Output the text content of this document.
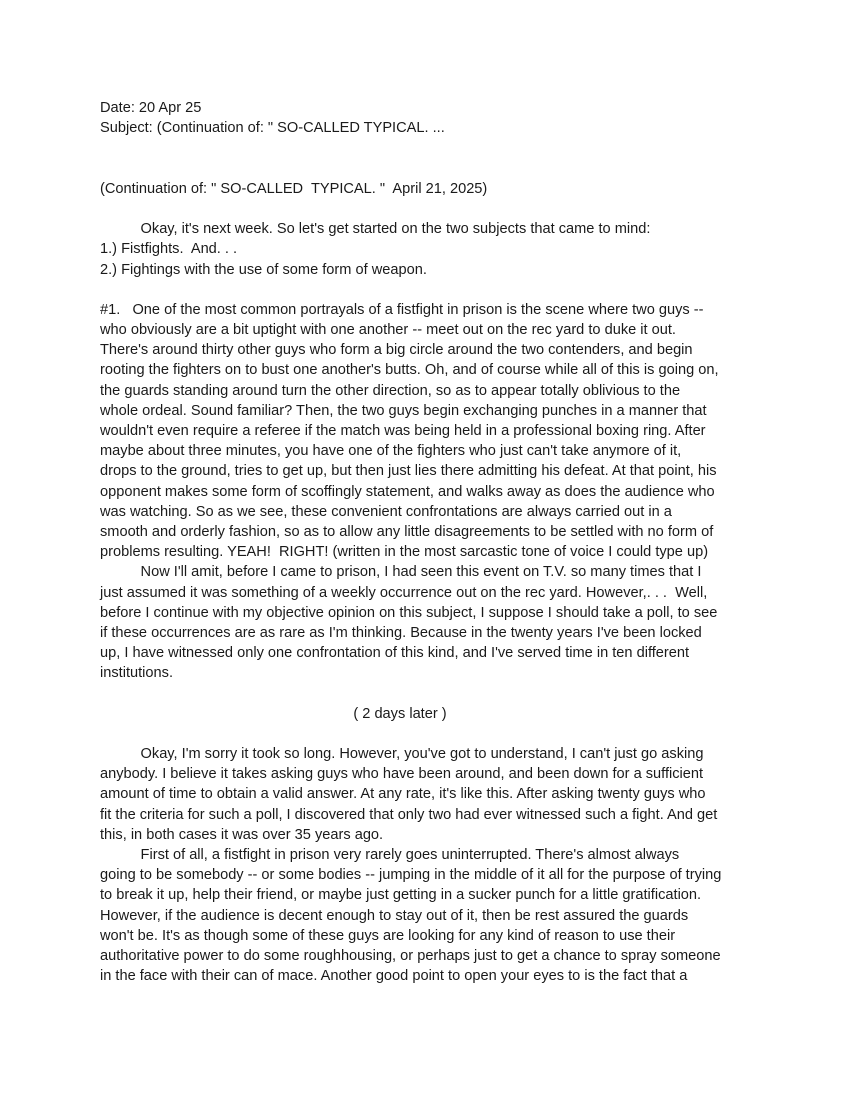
Date: 20 Apr 25
Subject: (Continuation of: " SO-CALLED TYPICAL. ...
(Continuation of: " SO-CALLED  TYPICAL. "  April 21, 2025)
Okay, it's next week. So let's get started on the two subjects that came to mind:
1.) Fistfights.  And. . .
2.) Fightings with the use of some form of weapon.
#1.   One of the most common portrayals of a fistfight in prison is the scene where two guys --
who obviously are a bit uptight with one another -- meet out on the rec yard to duke it out.
There's around thirty other guys who form a big circle around the two contenders, and begin
rooting the fighters on to bust one another's butts. Oh, and of course while all of this is going on,
the guards standing around turn the other direction, so as to appear totally oblivious to the
whole ordeal. Sound familiar? Then, the two guys begin exchanging punches in a manner that
wouldn't even require a referee if the match was being held in a professional boxing ring. After
maybe about three minutes, you have one of the fighters who just can't take anymore of it,
drops to the ground, tries to get up, but then just lies there admitting his defeat. At that point, his
opponent makes some form of scoffingly statement, and walks away as does the audience who
was watching. So as we see, these convenient confrontations are always carried out in a
smooth and orderly fashion, so as to allow any little disagreements to be settled with no form of
problems resulting. YEAH!  RIGHT! (written in the most sarcastic tone of voice I could type up)
Now I'll amit, before I came to prison, I had seen this event on T.V. so many times that I
just assumed it was something of a weekly occurrence out on the rec yard. However,. . .  Well,
before I continue with my objective opinion on this subject, I suppose I should take a poll, to see
if these occurrences are as rare as I'm thinking. Because in the twenty years I've been locked
up, I have witnessed only one confrontation of this kind, and I've served time in ten different
institutions.
( 2 days later )
Okay, I'm sorry it took so long. However, you've got to understand, I can't just go asking
anybody. I believe it takes asking guys who have been around, and been down for a sufficient
amount of time to obtain a valid answer. At any rate, it's like this. After asking twenty guys who
fit the criteria for such a poll, I discovered that only two had ever witnessed such a fight. And get
this, in both cases it was over 35 years ago.
First of all, a fistfight in prison very rarely goes uninterrupted. There's almost always
going to be somebody -- or some bodies -- jumping in the middle of it all for the purpose of trying
to break it up, help their friend, or maybe just getting in a sucker punch for a little gratification.
However, if the audience is decent enough to stay out of it, then be rest assured the guards
won't be. It's as though some of these guys are looking for any kind of reason to use their
authoritative power to do some roughhousing, or perhaps just to get a chance to spray someone
in the face with their can of mace. Another good point to open your eyes to is the fact that a
